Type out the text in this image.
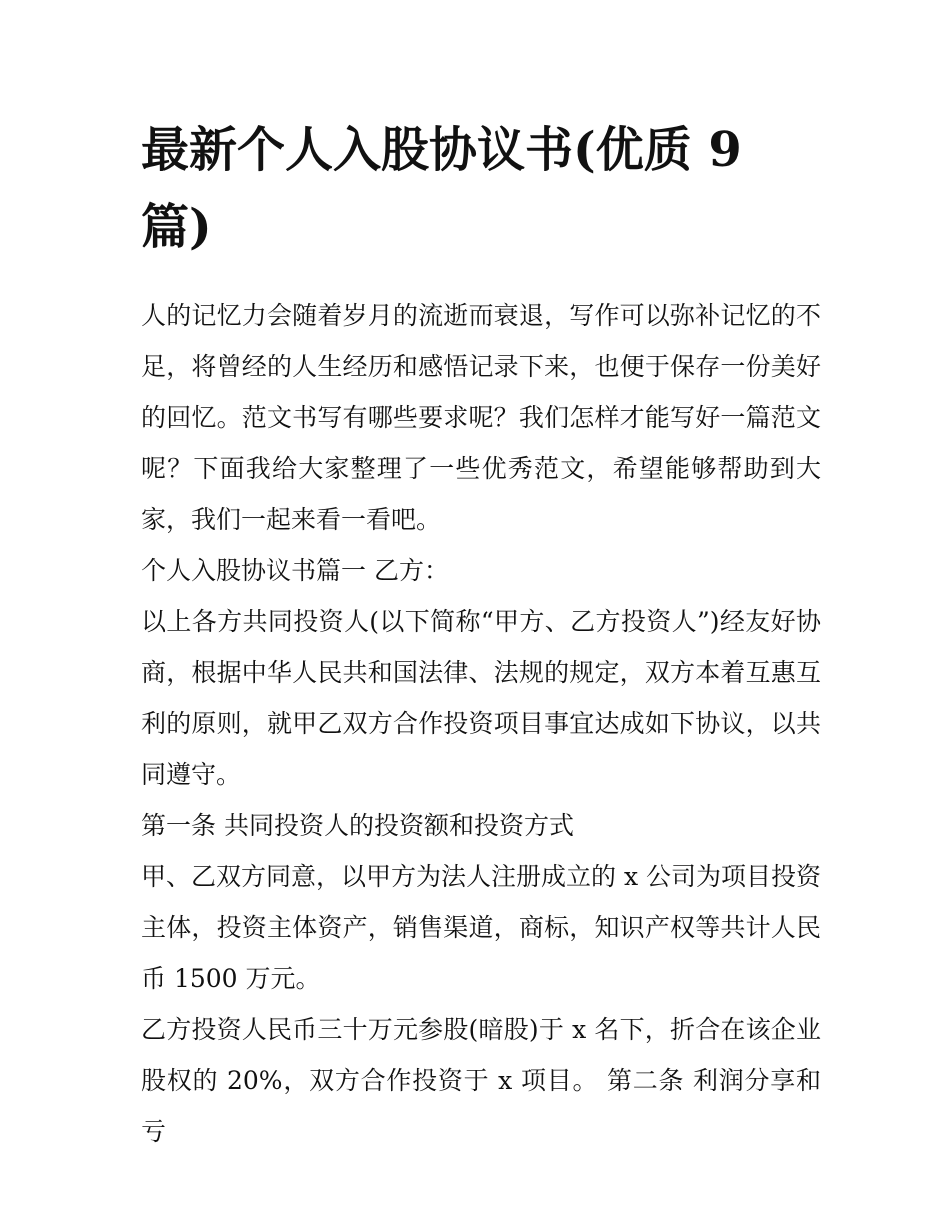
最新个人入股协议书(优质 9 篇)

人的记忆力会随着岁月的流逝而衰退，写作可以弥补记忆的不足，将曾经的人生经历和感悟记录下来，也便于保存一份美好的回忆。范文书写有哪些要求呢？我们怎样才能写好一篇范文呢？下面我给大家整理了一些优秀范文，希望能够帮助到大家，我们一起来看一看吧。

个人入股协议书篇一 乙方：

以上各方共同投资人(以下简称“甲方、乙方投资人”)经友好协商，根据中华人民共和国法律、法规的规定，双方本着互惠互利的原则，就甲乙双方合作投资项目事宜达成如下协议，以共同遵守。

第一条 共同投资人的投资额和投资方式

甲、乙双方同意，以甲方为法人注册成立的 x 公司为项目投资主体，投资主体资产，销售渠道，商标，知识产权等共计人民币 1500 万元。

乙方投资人民币三十万元参股(暗股)于 x 名下，折合在该企业股权的 20%，双方合作投资于 x 项目。 第二条 利润分享和亏
